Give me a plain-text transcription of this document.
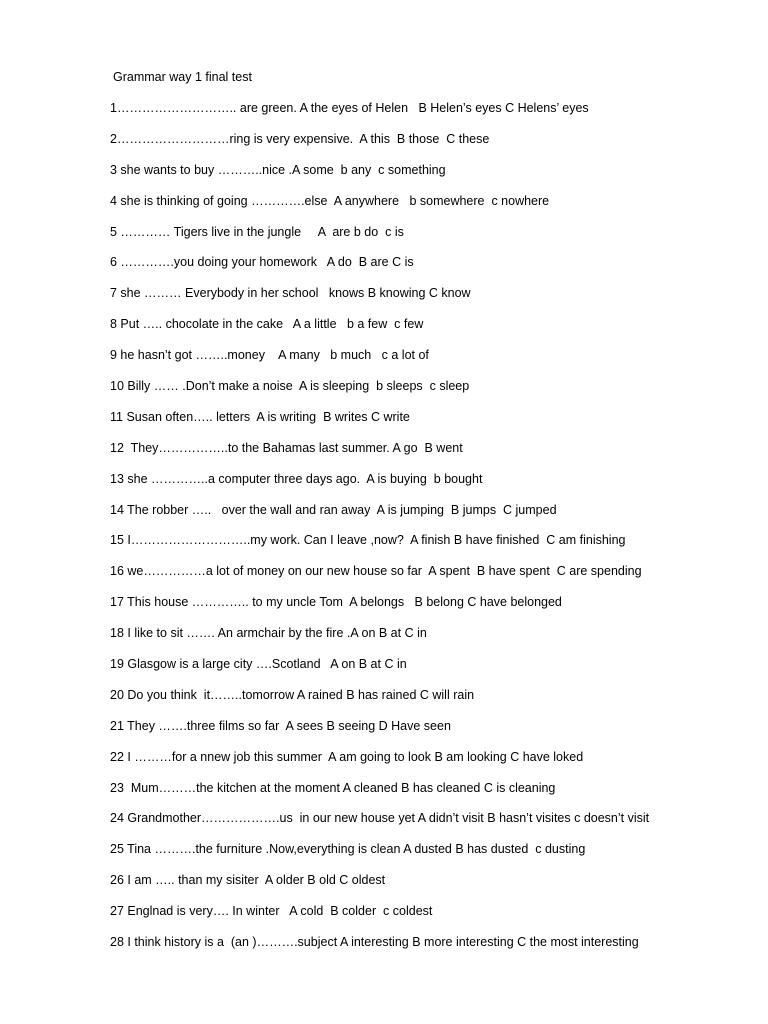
Grammar way 1 final test
1……………………….. are green. A the eyes of Helen   B Helen’s eyes C Helens’ eyes
2………………………ring is very expensive.  A this  B those  C these
3 she wants to buy ………..nice .A some  b any  c something
4 she is thinking of going ………….else  A anywhere   b somewhere  c nowhere
5 ………… Tigers live in the jungle     A  are b do  c is
6 ………….you doing your homework   A do  B are C is
7 she ……… Everybody in her school   knows B knowing C know
8 Put ….. chocolate in the cake   A a little   b a few  c few
9 he hasn’t got ……..money    A many   b much   c a lot of
10 Billy …… .Don’t make a noise  A is sleeping  b sleeps  c sleep
11 Susan often….. letters  A is writing  B writes C write
12  They……………..to the Bahamas last summer. A go  B went
13 she …………..a computer three days ago.  A is buying  b bought
14 The robber …..   over the wall and ran away  A is jumping  B jumps  C jumped
15 I………………………..my work. Can I leave ,now?  A finish B have finished  C am finishing
16 we……………a lot of money on our new house so far  A spent  B have spent  C are spending
17 This house ………….. to my uncle Tom  A belongs   B belong C have belonged
18 I like to sit ……. An armchair by the fire .A on B at C in
19 Glasgow is a large city ….Scotland   A on B at C in
20 Do you think  it……..tomorrow A rained B has rained C will rain
21 They …….three films so far  A sees B seeing D Have seen
22 I ………for a nnew job this summer  A am going to look B am looking C have loked
23  Mum………the kitchen at the moment A cleaned B has cleaned C is cleaning
24 Grandmother……………….us  in our new house yet A didn’t visit B hasn’t visites c doesn’t visit
25 Tina ……….the furniture .Now,everything is clean A dusted B has dusted  c dusting
26 I am ….. than my sisiter  A older B old C oldest
27 Englnad is very…. In winter   A cold  B colder  c coldest
28 I think history is a  (an )……….subject A interesting B more interesting C the most interesting
